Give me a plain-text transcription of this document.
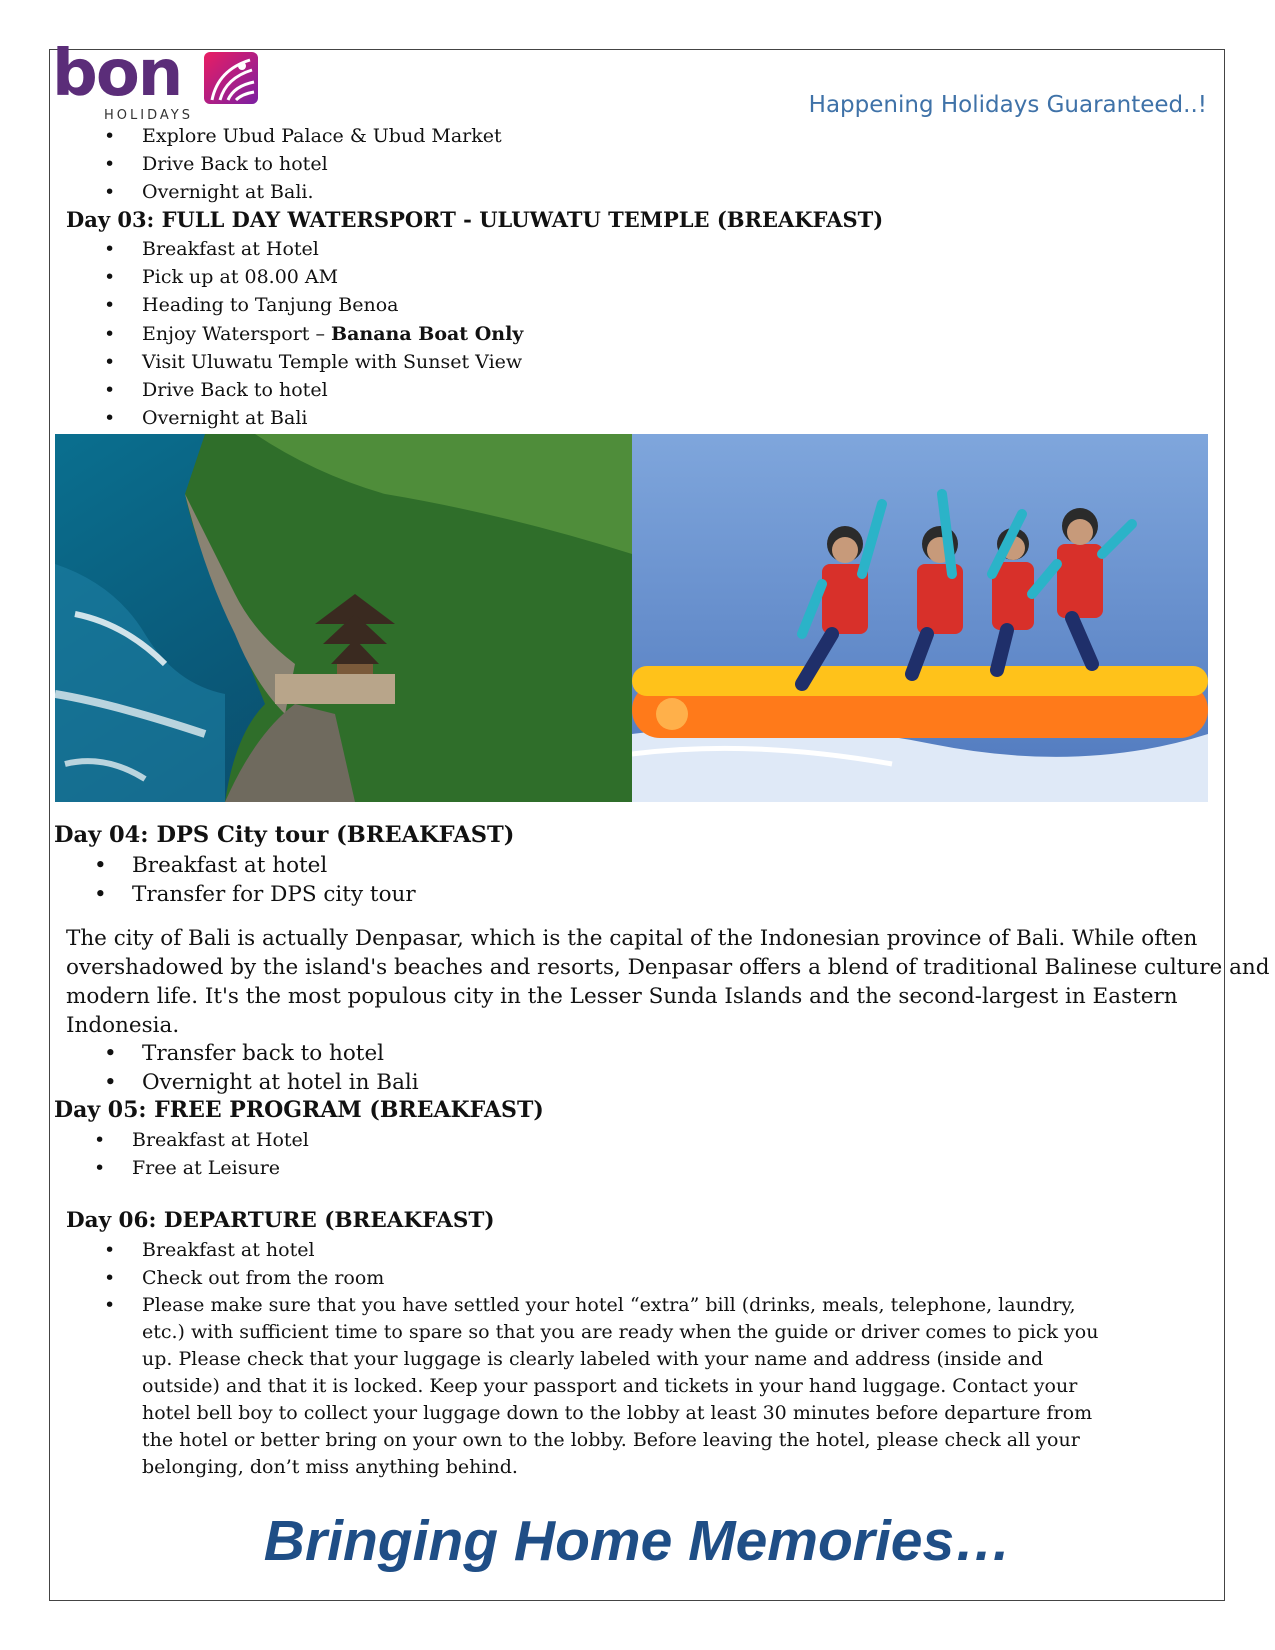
bon
HOLIDAYS	Happening Holidays Guaranteed..!
• Explore Ubud Palace & Ubud Market
• Drive Back to hotel
• Overnight at Bali.
Day 03: FULL DAY WATERSPORT - ULUWATU TEMPLE (BREAKFAST)
• Breakfast at Hotel
• Pick up at 08.00 AM
• Heading to Tanjung Benoa
• Enjoy Watersport – Banana Boat Only
• Visit Uluwatu Temple with Sunset View
• Drive Back to hotel
• Overnight at Bali
Day 04: DPS City tour (BREAKFAST)
• Breakfast at hotel
• Transfer for DPS city tour
The city of Bali is actually Denpasar, which is the capital of the Indonesian province of Bali. While often
overshadowed by the island's beaches and resorts, Denpasar offers a blend of traditional Balinese culture and
modern life. It's the most populous city in the Lesser Sunda Islands and the second-largest in Eastern
Indonesia.
• Transfer back to hotel
• Overnight at hotel in Bali
Day 05: FREE PROGRAM (BREAKFAST)
• Breakfast at Hotel
• Free at Leisure
Day 06: DEPARTURE (BREAKFAST)
• Breakfast at hotel
• Check out from the room
• Please make sure that you have settled your hotel “extra” bill (drinks, meals, telephone, laundry, etc.) with sufficient time to spare so that you are ready when the guide or driver comes to pick you up. Please check that your luggage is clearly labeled with your name and address (inside and outside) and that it is locked. Keep your passport and tickets in your hand luggage. Contact your hotel bell boy to collect your luggage down to the lobby at least 30 minutes before departure from the hotel or better bring on your own to the lobby. Before leaving the hotel, please check all your belonging, don’t miss anything behind.
Bringing Home Memories…
